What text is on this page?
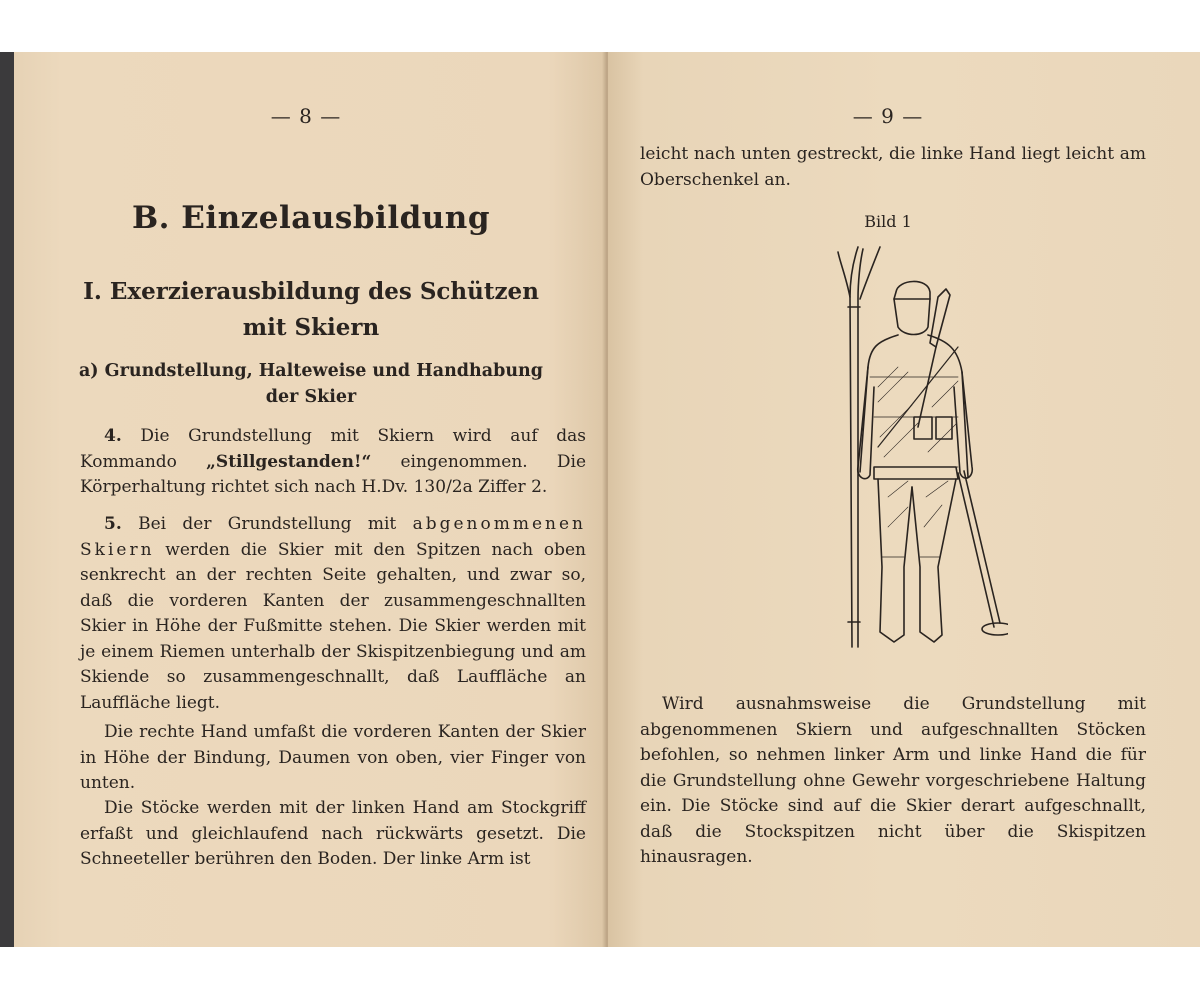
— 8 —
B. Einzelausbildung
I. Exerzierausbildung des Schützen
mit Skiern
a) Grundstellung, Halteweise und Handhabung
der Skier

4. Die Grundstellung mit Skiern wird auf das Kommando „Stillgestanden!“ eingenommen. Die Körperhaltung richtet sich nach H.Dv. 130/2a Ziffer 2.

5. Bei der Grundstellung mit abgenommenen Skiern werden die Skier mit den Spitzen nach oben senkrecht an der rechten Seite gehalten, und zwar so, daß die vorderen Kanten der zusammengeschnallten Skier in Höhe der Fußmitte stehen. Die Skier werden mit je einem Riemen unterhalb der Skispitzenbiegung und am Skiende so zusammengeschnallt, daß Lauffläche an Lauffläche liegt.

Die rechte Hand umfaßt die vorderen Kanten der Skier in Höhe der Bindung, Daumen von oben, vier Finger von unten.

Die Stöcke werden mit der linken Hand am Stockgriff erfaßt und gleichlaufend nach rückwärts gesetzt. Die Schneeteller berühren den Boden. Der linke Arm ist

— 9 —

leicht nach unten gestreckt, die linke Hand liegt leicht am Oberschenkel an.

Bild 1

Wird ausnahmsweise die Grundstellung mit abgenommenen Skiern und aufgeschnallten Stöcken befohlen, so nehmen linker Arm und linke Hand die für die Grundstellung ohne Gewehr vorgeschriebene Haltung ein. Die Stöcke sind auf die Skier derart aufgeschnallt, daß die Stockspitzen nicht über die Skispitzen hinausragen.
